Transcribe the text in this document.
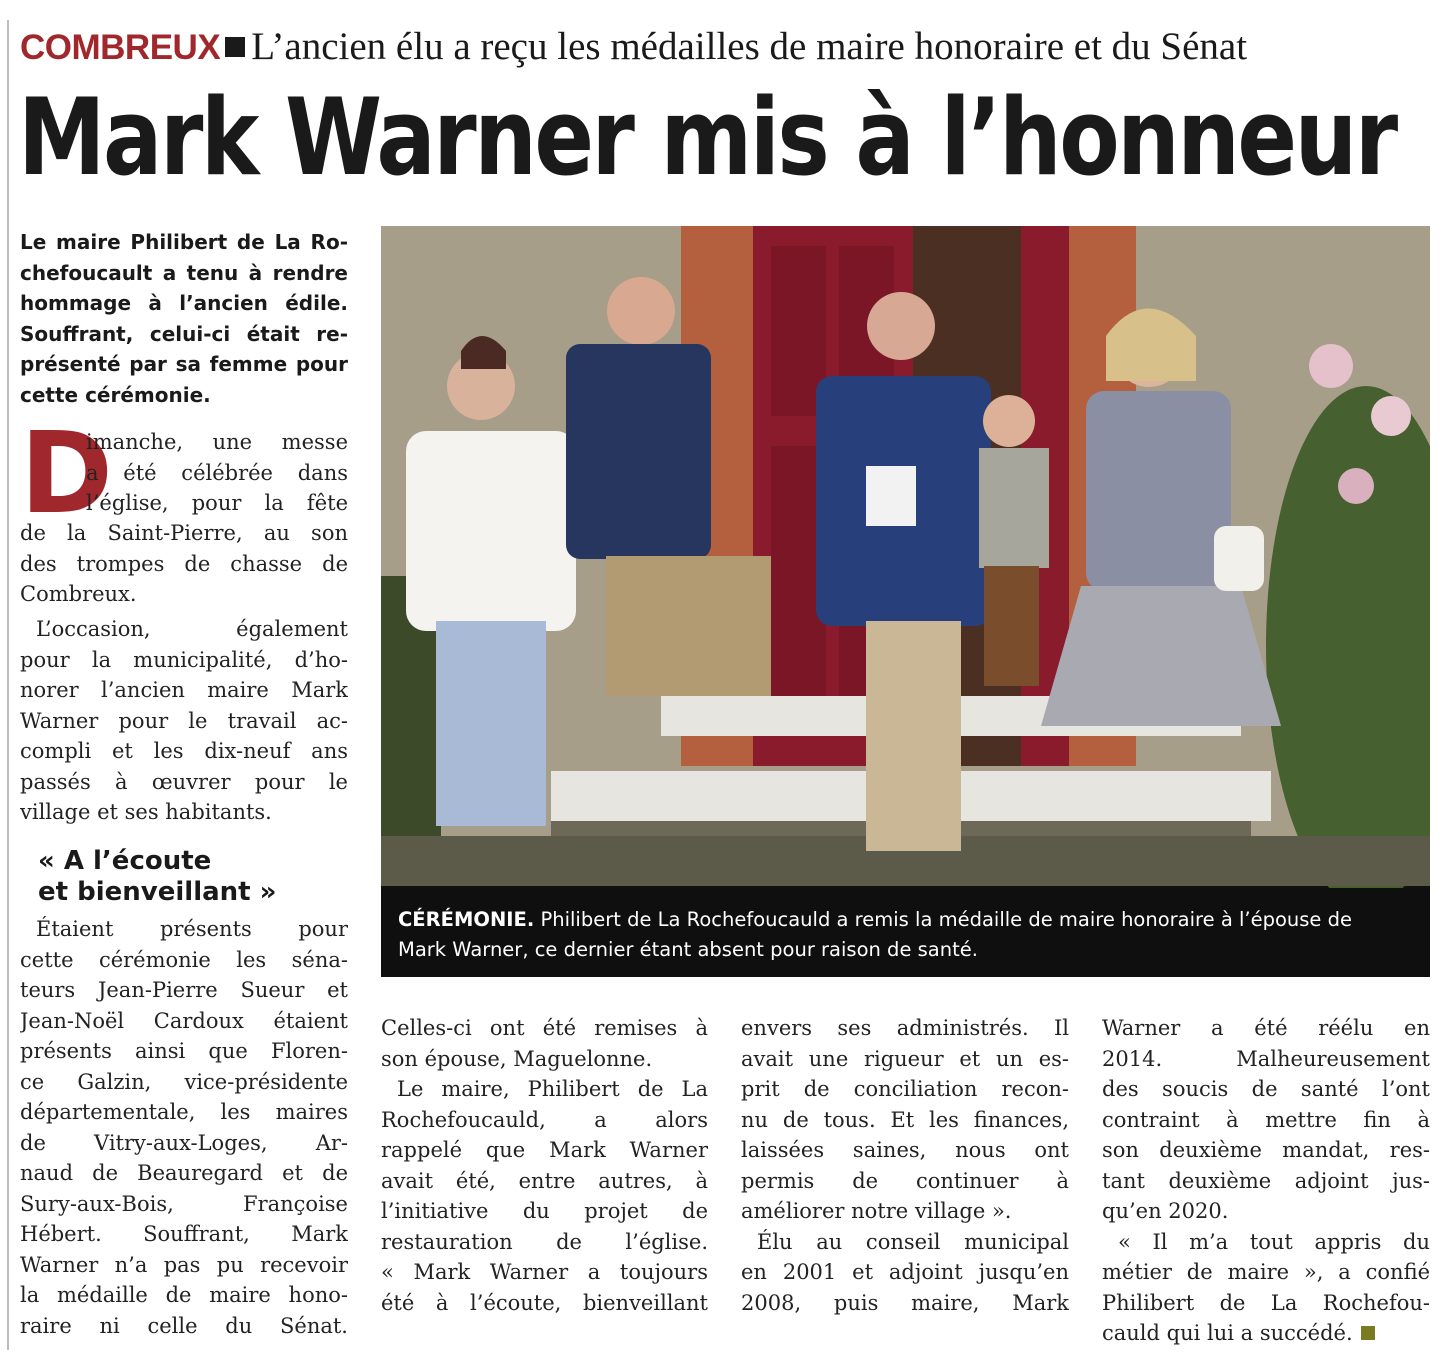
COMBREUX L’ancien élu a reçu les médailles de maire honoraire et du Sénat
Mark Warner mis à l’honneur
Le maire Philibert de La Ro-
chefoucault a tenu à rendre
hommage à l’ancien édile.
Souffrant, celui-ci était re-
présenté par sa femme pour
cette cérémonie.
D
imanche, une messe
a été célébrée dans
l’église, pour la fête
de la Saint-Pierre, au son
des trompes de chasse de
Combreux.
L’occasion, également
pour la municipalité, d’ho-
norer l’ancien maire Mark
Warner pour le travail ac-
compli et les dix-neuf ans
passés à œuvrer pour le
village et ses habitants.
« A l’écoute
et bienveillant »
Étaient présents pour
cette cérémonie les séna-
teurs Jean-Pierre Sueur et
Jean-Noël Cardoux étaient
présents ainsi que Floren-
ce Galzin, vice-présidente
départementale, les maires
de Vitry-aux-Loges, Ar-
naud de Beauregard et de
Sury-aux-Bois, Françoise
Hébert. Souffrant, Mark
Warner n’a pas pu recevoir
la médaille de maire hono-
raire ni celle du Sénat.
CÉRÉMONIE. Philibert de La Rochefoucauld a remis la médaille de maire honoraire à l’épouse de
Mark Warner, ce dernier étant absent pour raison de santé.
Celles-ci ont été remises à
son épouse, Maguelonne.
Le maire, Philibert de La
Rochefoucauld, a alors
rappelé que Mark Warner
avait été, entre autres, à
l’initiative du projet de
restauration de l’église.
« Mark Warner a toujours
été à l’écoute, bienveillant
envers ses administrés. Il
avait une rigueur et un es-
prit de conciliation recon-
nu de tous. Et les finances,
laissées saines, nous ont
permis de continuer à
améliorer notre village ».
Élu au conseil municipal
en 2001 et adjoint jusqu’en
2008, puis maire, Mark
Warner a été réélu en
2014. Malheureusement
des soucis de santé l’ont
contraint à mettre fin à
son deuxième mandat, res-
tant deuxième adjoint jus-
qu’en 2020.
« Il m’a tout appris du
métier de maire », a confié
Philibert de La Rochefou-
cauld qui lui a succédé.
